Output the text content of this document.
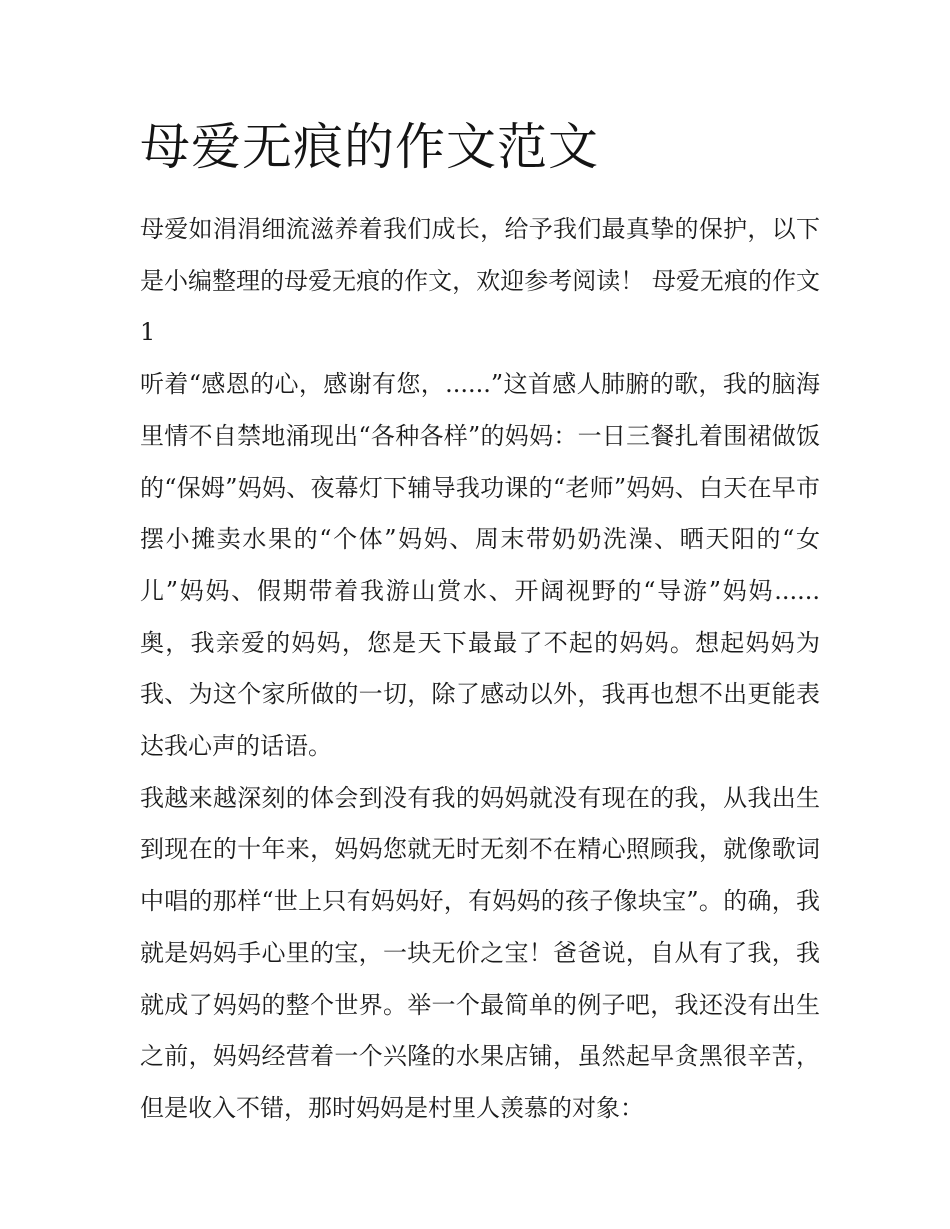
母爱无痕的作文范文

母爱如涓涓细流滋养着我们成长，给予我们最真挚的保护，以下是小编整理的母爱无痕的作文，欢迎参考阅读！ 母爱无痕的作文1

听着“感恩的心，感谢有您，......”这首感人肺腑的歌，我的脑海里情不自禁地涌现出“各种各样”的妈妈：一日三餐扎着围裙做饭的“保姆”妈妈、夜幕灯下辅导我功课的“老师”妈妈、白天在早市摆小摊卖水果的“个体”妈妈、周末带奶奶洗澡、晒天阳的“女儿”妈妈、假期带着我游山赏水、开阔视野的“导游”妈妈......奥，我亲爱的妈妈，您是天下最最了不起的妈妈。想起妈妈为我、为这个家所做的一切，除了感动以外，我再也想不出更能表达我心声的话语。

我越来越深刻的体会到没有我的妈妈就没有现在的我，从我出生到现在的十年来，妈妈您就无时无刻不在精心照顾我，就像歌词中唱的那样“世上只有妈妈好，有妈妈的孩子像块宝”。的确，我就是妈妈手心里的宝，一块无价之宝！爸爸说，自从有了我，我就成了妈妈的整个世界。举一个最简单的例子吧，我还没有出生之前，妈妈经营着一个兴隆的水果店铺，虽然起早贪黑很辛苦，但是收入不错，那时妈妈是村里人羡慕的对象：
